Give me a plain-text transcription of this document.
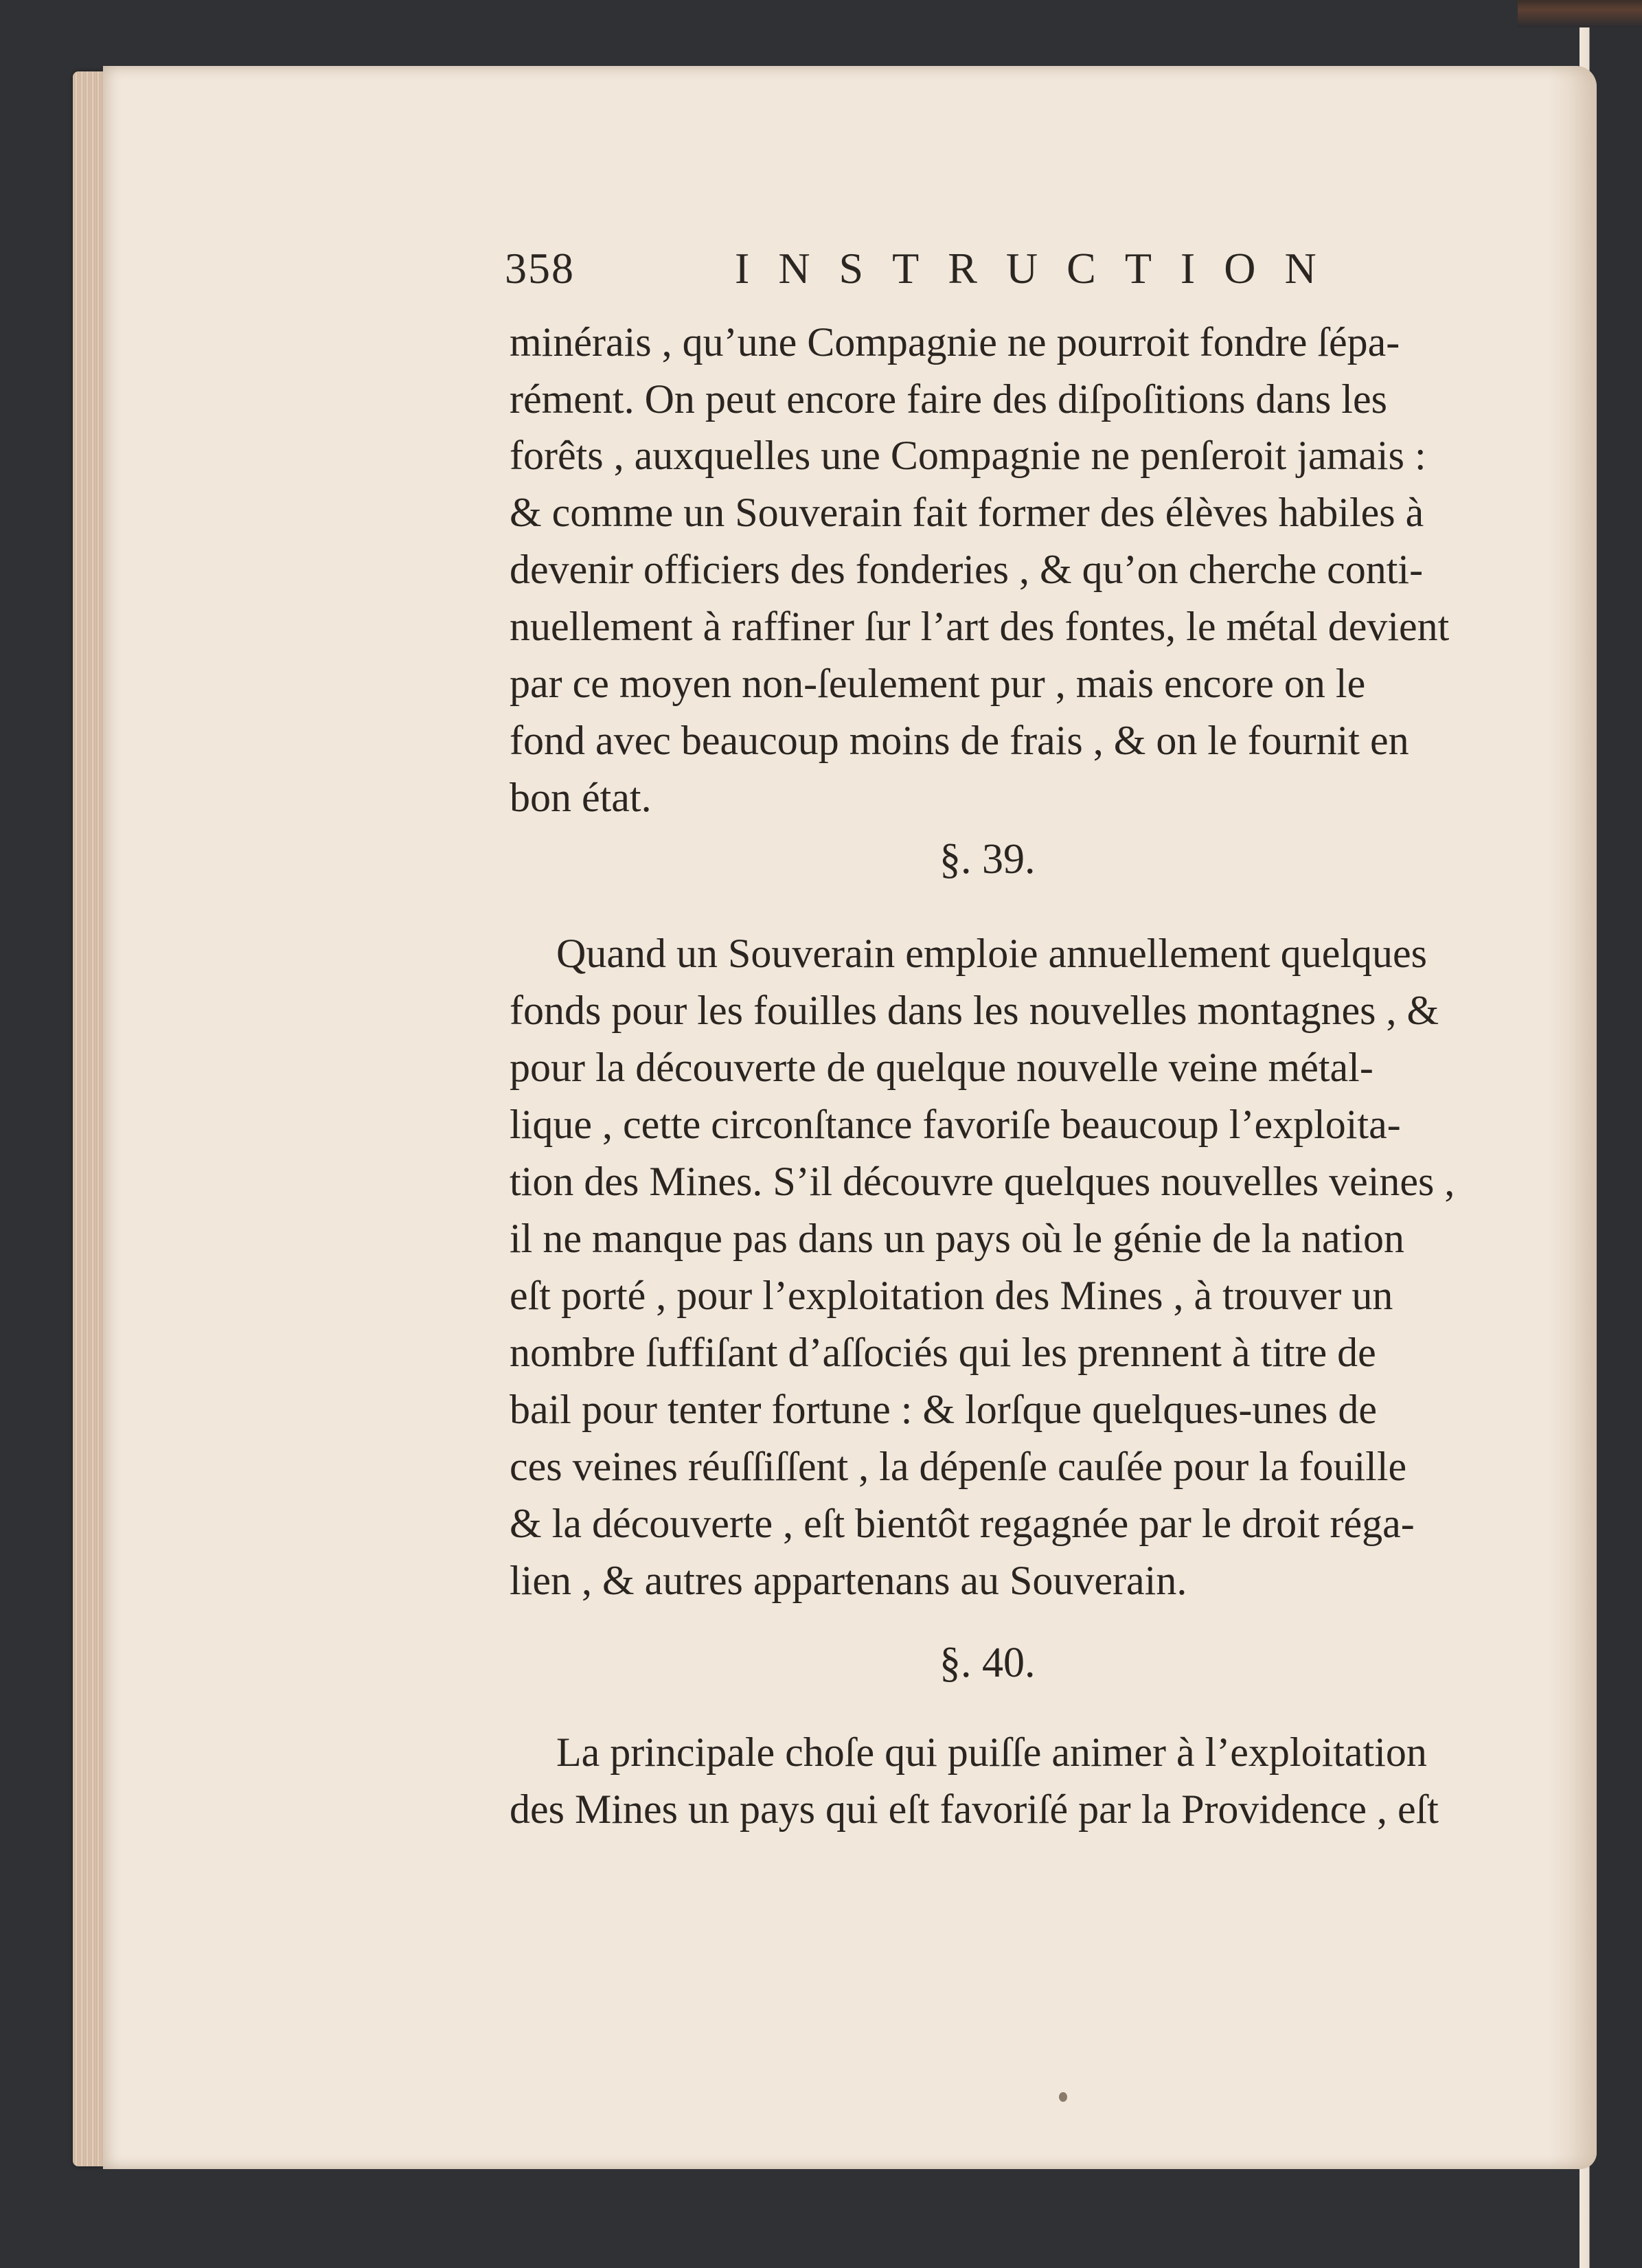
358	INSTRUCTION
minérais , qu’une Compagnie ne pourroit fondre ſépa-
rément. On peut encore faire des diſpoſitions dans les
forêts , auxquelles une Compagnie ne penſeroit jamais :
& comme un Souverain fait former des élèves habiles à
devenir officiers des fonderies , & qu’on cherche conti-
nuellement à raffiner ſur l’art des fontes, le métal devient
par ce moyen non-ſeulement pur , mais encore on le
fond avec beaucoup moins de frais , & on le fournit en
bon état.
§. 39.
Quand un Souverain emploie annuellement quelques
fonds pour les fouilles dans les nouvelles montagnes , &
pour la découverte de quelque nouvelle veine métal-
lique , cette circonſtance favoriſe beaucoup l’exploita-
tion des Mines. S’il découvre quelques nouvelles veines ,
il ne manque pas dans un pays où le génie de la nation
eſt porté , pour l’exploitation des Mines , à trouver un
nombre ſuffiſant d’aſſociés qui les prennent à titre de
bail pour tenter fortune : & lorſque quelques-unes de
ces veines réuſſiſſent , la dépenſe cauſée pour la fouille
& la découverte , eſt bientôt regagnée par le droit réga-
lien , & autres appartenans au Souverain.
§. 40.
La principale choſe qui puiſſe animer à l’exploitation
des Mines un pays qui eſt favoriſé par la Providence , eſt
